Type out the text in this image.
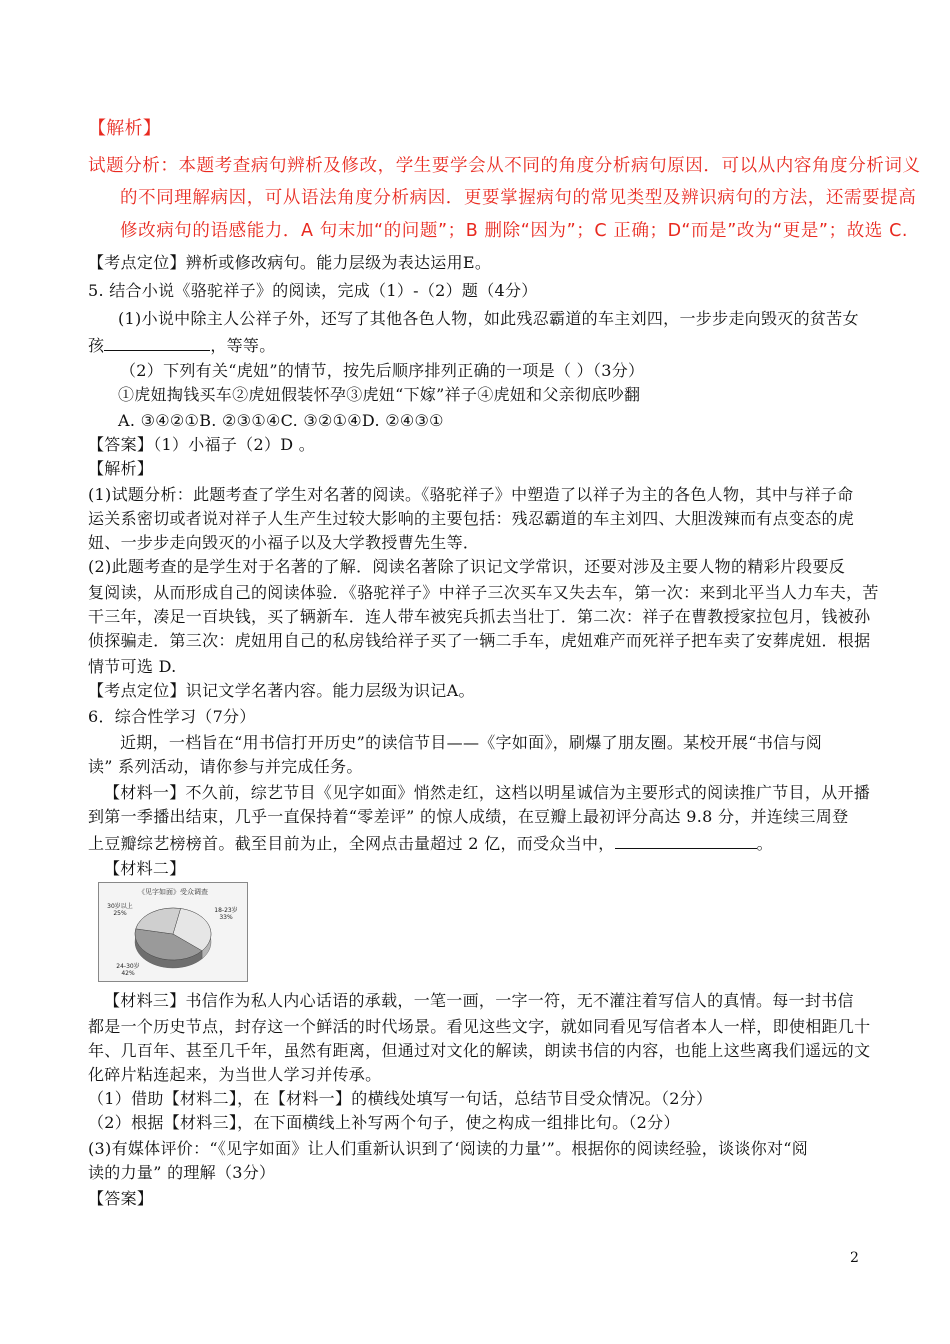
【解析】
试题分析：本题考查病句辨析及修改，学生要学会从不同的角度分析病句原因．可以从内容角度分析词义
的不同理解病因，可从语法角度分析病因．更要掌握病句的常见类型及辨识病句的方法，还需要提高
修改病句的语感能力．A 句末加“的问题”；B 删除“因为”；C 正确；D“而是”改为“更是”；故选 C.
【考点定位】辨析或修改病句。能力层级为表达运用E。
5. 结合小说《骆驼祥子》的阅读，完成（1）-（2）题（4分）
(1)小说中除主人公祥子外，还写了其他各色人物，如此残忍霸道的车主刘四，一步步走向毁灭的贫苦女
孩	，等等。
（2）下列有关“虎妞”的情节，按先后顺序排列正确的一项是（ ）（3分）
①虎妞掏钱买车②虎妞假装怀孕③虎妞“下嫁”祥子④虎妞和父亲彻底吵翻
A. ③④②①B. ②③①④C. ③②①④D. ②④③①
【答案】（1）小福子（2）D 。
【解析】
(1)试题分析：此题考查了学生对名著的阅读。《骆驼祥子》中塑造了以祥子为主的各色人物，其中与祥子命
运关系密切或者说对祥子人生产生过较大影响的主要包括：残忍霸道的车主刘四、大胆泼辣而有点变态的虎
妞、一步步走向毁灭的小福子以及大学教授曹先生等．
(2)此题考查的是学生对于名著的了解．阅读名著除了识记文学常识，还要对涉及主要人物的精彩片段要反
复阅读，从而形成自己的阅读体验．《骆驼祥子》中祥子三次买车又失去车，第一次：来到北平当人力车夫，苦
干三年，凑足一百块钱，买了辆新车．连人带车被宪兵抓去当壮丁．第二次：祥子在曹教授家拉包月，钱被孙
侦探骗走．第三次：虎妞用自己的私房钱给祥子买了一辆二手车，虎妞难产而死祥子把车卖了安葬虎妞．根据
情节可选 D.
【考点定位】识记文学名著内容。能力层级为识记A。
6．综合性学习（7分）
近期，一档旨在“用书信打开历史”的读信节目——《字如面》，刷爆了朋友圈。某校开展“书信与阅
读” 系列活动，请你参与并完成任务。
【材料一】不久前，综艺节目《见字如面》悄然走红，这档以明星诚信为主要形式的阅读推广节目，从开播
到第一季播出结束，几乎一直保持着“零差评” 的惊人成绩，在豆瓣上最初评分高达 9.8 分，并连续三周登
上豆瓣综艺榜榜首。截至目前为止，全网点击量超过 2 亿，而受众当中，	。
【材料二】
《见字如面》受众调查
18-23岁 33%
24-30岁 42%
30岁以上 25%
【材料三】书信作为私人内心话语的承载，一笔一画，一字一符，无不灌注着写信人的真情。每一封书信
都是一个历史节点，封存这一个鲜活的时代场景。看见这些文字，就如同看见写信者本人一样，即使相距几十
年、几百年、甚至几千年，虽然有距离，但通过对文化的解读，朗读书信的内容，也能上这些离我们遥远的文
化碎片粘连起来，为当世人学习并传承。
（1）借助【材料二】，在【材料一】的横线处填写一句话，总结节目受众情况。（2分）
（2）根据【材料三】，在下面横线上补写两个句子，使之构成一组排比句。（2分）
(3)有媒体评价：“《见字如面》让人们重新认识到了‘阅读的力量’”。根据你的阅读经验，谈谈你对“阅
读的力量” 的理解（3分）
【答案】
2
